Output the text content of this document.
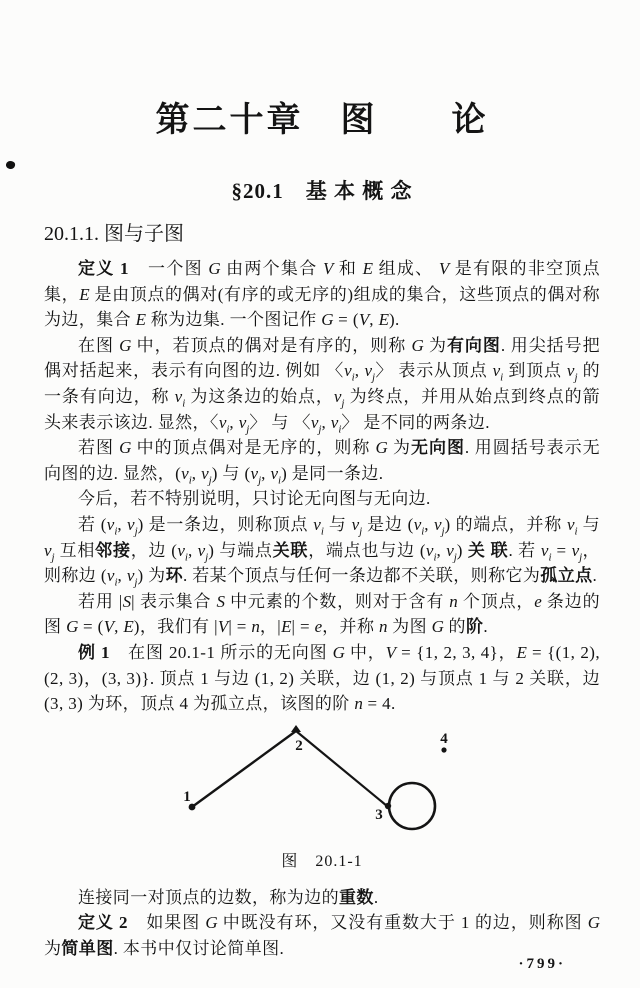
第二十章　图　　论
§20.1　基 本 概 念
20.1.1. 图与子图

定义 1　一个图 G 由两个集合 V 和 E 组成、 V 是有限的非空顶点集，E 是由顶点的偶对(有序的或无序的)组成的集合，这些顶点的偶对称为边，集合 E 称为边集. 一个图记作 G = (V, E).

在图 G 中，若顶点的偶对是有序的，则称 G 为有向图. 用尖括号把偶对括起来，表示有向图的边. 例如 〈$v_i$, $v_j$〉 表示从顶点 $v_i$ 到顶点 $v_j$ 的一条有向边，称 $v_i$ 为这条边的始点，$v_j$ 为终点，并用从始点到终点的箭头来表示该边. 显然，〈$v_i$, $v_j$〉 与 〈$v_j$, $v_i$〉 是不同的两条边.

若图 G 中的顶点偶对是无序的，则称 G 为无向图. 用圆括号表示无向图的边. 显然，($v_i$, $v_j$) 与 ($v_j$, $v_i$) 是同一条边.

今后，若不特别说明，只讨论无向图与无向边.

若 ($v_i$, $v_j$) 是一条边，则称顶点 $v_i$ 与 $v_j$ 是边 ($v_i$, $v_j$) 的端点，并称 $v_i$ 与 $v_j$ 互相邻接，边 ($v_i$, $v_j$) 与端点关联，端点也与边 ($v_i$, $v_j$) 关 联. 若 $v_i = v_j$，则称边 ($v_i$, $v_j$) 为环. 若某个顶点与任何一条边都不关联，则称它为孤立点.

若用 |S| 表示集合 S 中元素的个数，则对于含有 n 个顶点，e 条边的图 G = (V, E)，我们有 |V| = n，|E| = e，并称 n 为图 G 的阶.

例 1　在图 20.1-1 所示的无向图 G 中，V = {1, 2, 3, 4}，E = {(1, 2), (2, 3)，(3, 3)}. 顶点 1 与边 (1, 2) 关联，边 (1, 2) 与顶点 1 与 2 关联，边 (3, 3) 为环，顶点 4 为孤立点，该图的阶 n = 4.

1
2
3
4
图　20.1-1

连接同一对顶点的边数，称为边的重数.

定义 2　如果图 G 中既没有环，又没有重数大于 1 的边，则称图 G 为简单图. 本书中仅讨论简单图.

·799·
